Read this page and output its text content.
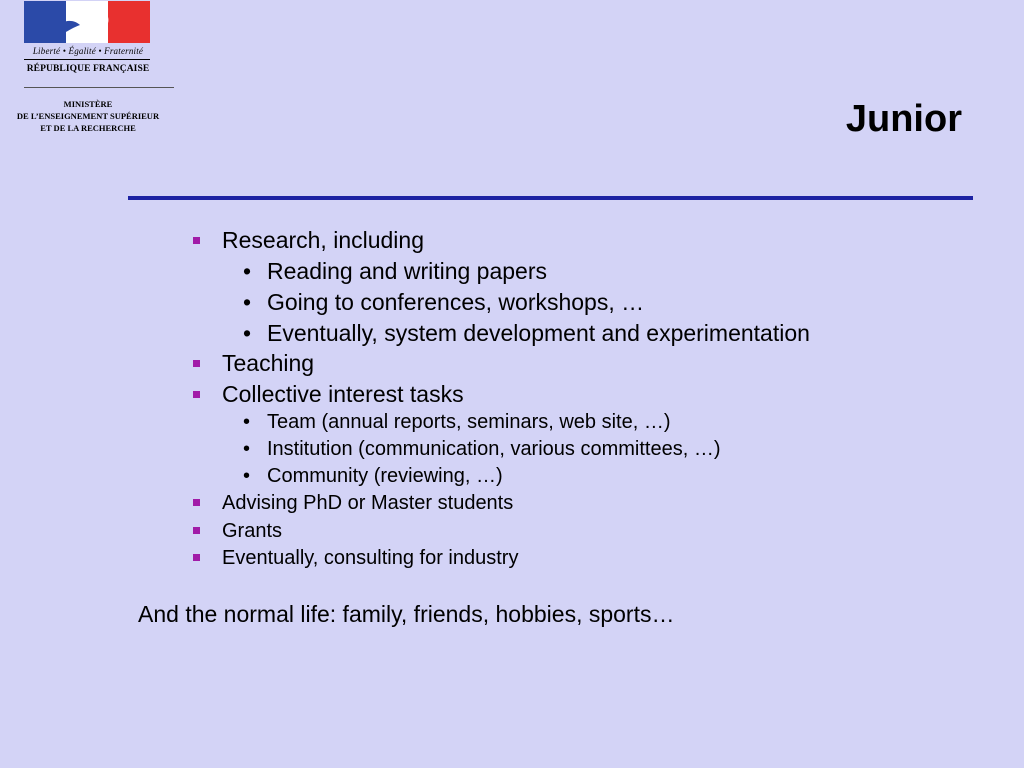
Liberté • Égalité • Fraternité
RÉPUBLIQUE FRANÇAISE
MINISTÈRE
DE L’ENSEIGNEMENT SUPÉRIEUR
ET DE LA RECHERCHE	Junior
Research, including
• Reading and writing papers
• Going to conferences, workshops, …
• Eventually, system development and experimentation
Teaching
Collective interest tasks
• Team (annual reports, seminars, web site, …)
• Institution (communication, various committees, …)
• Community (reviewing, …)
Advising PhD or Master students
Grants
Eventually, consulting for industry
And the normal life: family, friends, hobbies, sports…
